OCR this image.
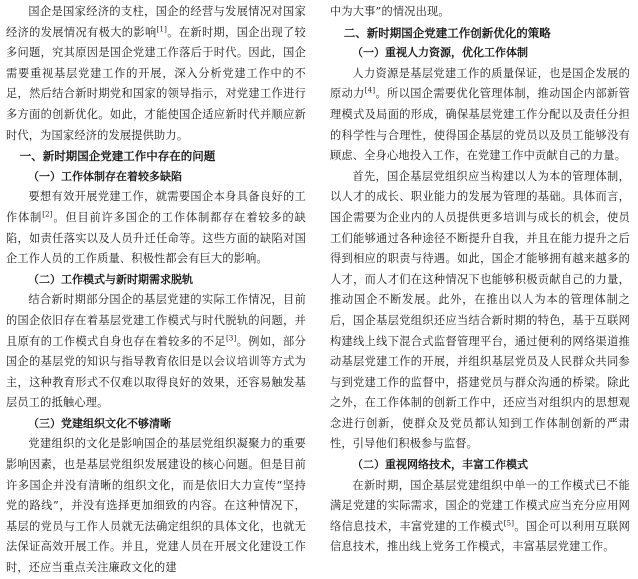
国企是国家经济的支柱，国企的经营与发展情况对国家经济的发展情况有极大的影响[1]。在新时期，国企出现了较多问题，究其原因是国企党建工作落后于时代。因此，国企需要重视基层党建工作的开展，深入分析党建工作中的不足，然后结合新时期党和国家的领导指示，对党建工作进行多方面的创新优化。如此，才能使国企适应新时代并顺应新时代，为国家经济的发展提供助力。

一、新时期国企党建工作中存在的问题

（一）工作体制存在着较多缺陷

要想有效开展党建工作，就需要国企本身具备良好的工作体制[2]。但目前许多国企的工作体制都存在着较多的缺陷，如责任落实以及人员升迁任命等。这些方面的缺陷对国企工作人员的工作质量、积极性都会有巨大的影响。

（二）工作模式与新时期需求脱轨

结合新时期部分国企的基层党建的实际工作情况，目前的国企依旧存在着基层党建工作模式与时代脱轨的问题，并且原有的工作模式自身也存在着较多的不足[3]。例如，部分国企的基层党的知识与指导教育依旧是以会议培训等方式为主，这种教育形式不仅难以取得良好的效果，还容易触发基层员工的抵触心理。

（三）党建组织文化不够清晰

党建组织的文化是影响国企的基层党组织凝聚力的重要影响因素，也是基层党组织发展建设的核心问题。但是目前许多国企并没有清晰的组织文化，而是依旧大力宣传“坚持党的路线”，并没有选择更加细致的内容。在这种情况下，基层的党员与工作人员就无法确定组织的具体文化，也就无法保证高效开展工作。并且，党建人员在开展文化建设工作时，还应当重点关注廉政文化的建

中为大事”的情况出现。

二、新时期国企党建工作创新优化的策略

（一）重视人力资源，优化工作体制

人力资源是基层党建工作的质量保证，也是国企发展的原动力[4]。所以国企需要优化管理体制，推动国企内部新管理模式及局面的形成，确保基层党建工作分配以及责任分担的科学性与合理性，使得国企基层的党员以及员工能够没有顾虑、全身心地投入工作，在党建工作中贡献自己的力量。

首先，国企基层党组织应当构建以人为本的管理体制，以人才的成长、职业能力的发展为管理的基础。具体而言，国企需要为企业内的人员提供更多培训与成长的机会，使员工们能够通过各种途径不断提升自我，并且在能力提升之后得到相应的职责与待遇。如此，国企才能够拥有越来越多的人才，而人才们在这种情况下也能够积极贡献自己的力量，推动国企不断发展。此外，在推出以人为本的管理体制之后，国企基层党组织还应当结合新时期的特色，基于互联网构建线上线下混合式监督管理平台，通过便利的网络渠道推动基层党建工作的开展，并组织基层党员及人民群众共同参与到党建工作的监督中，搭建党员与群众沟通的桥梁。除此之外，在工作体制的创新工作中，还应当对组织内的思想观念进行创新，使群众及党员都认知到工作体制创新的严肃性，引导他们积极参与监督。

（二）重视网络技术，丰富工作模式

在新时期，国企基层党建组织中单一的工作模式已不能满足党建的实际需求，国企的党建工作模式应当充分应用网络信息技术，丰富党建的工作模式[5]。国企可以利用互联网信息技术，推出线上党务工作模式，丰富基层党建工作。
